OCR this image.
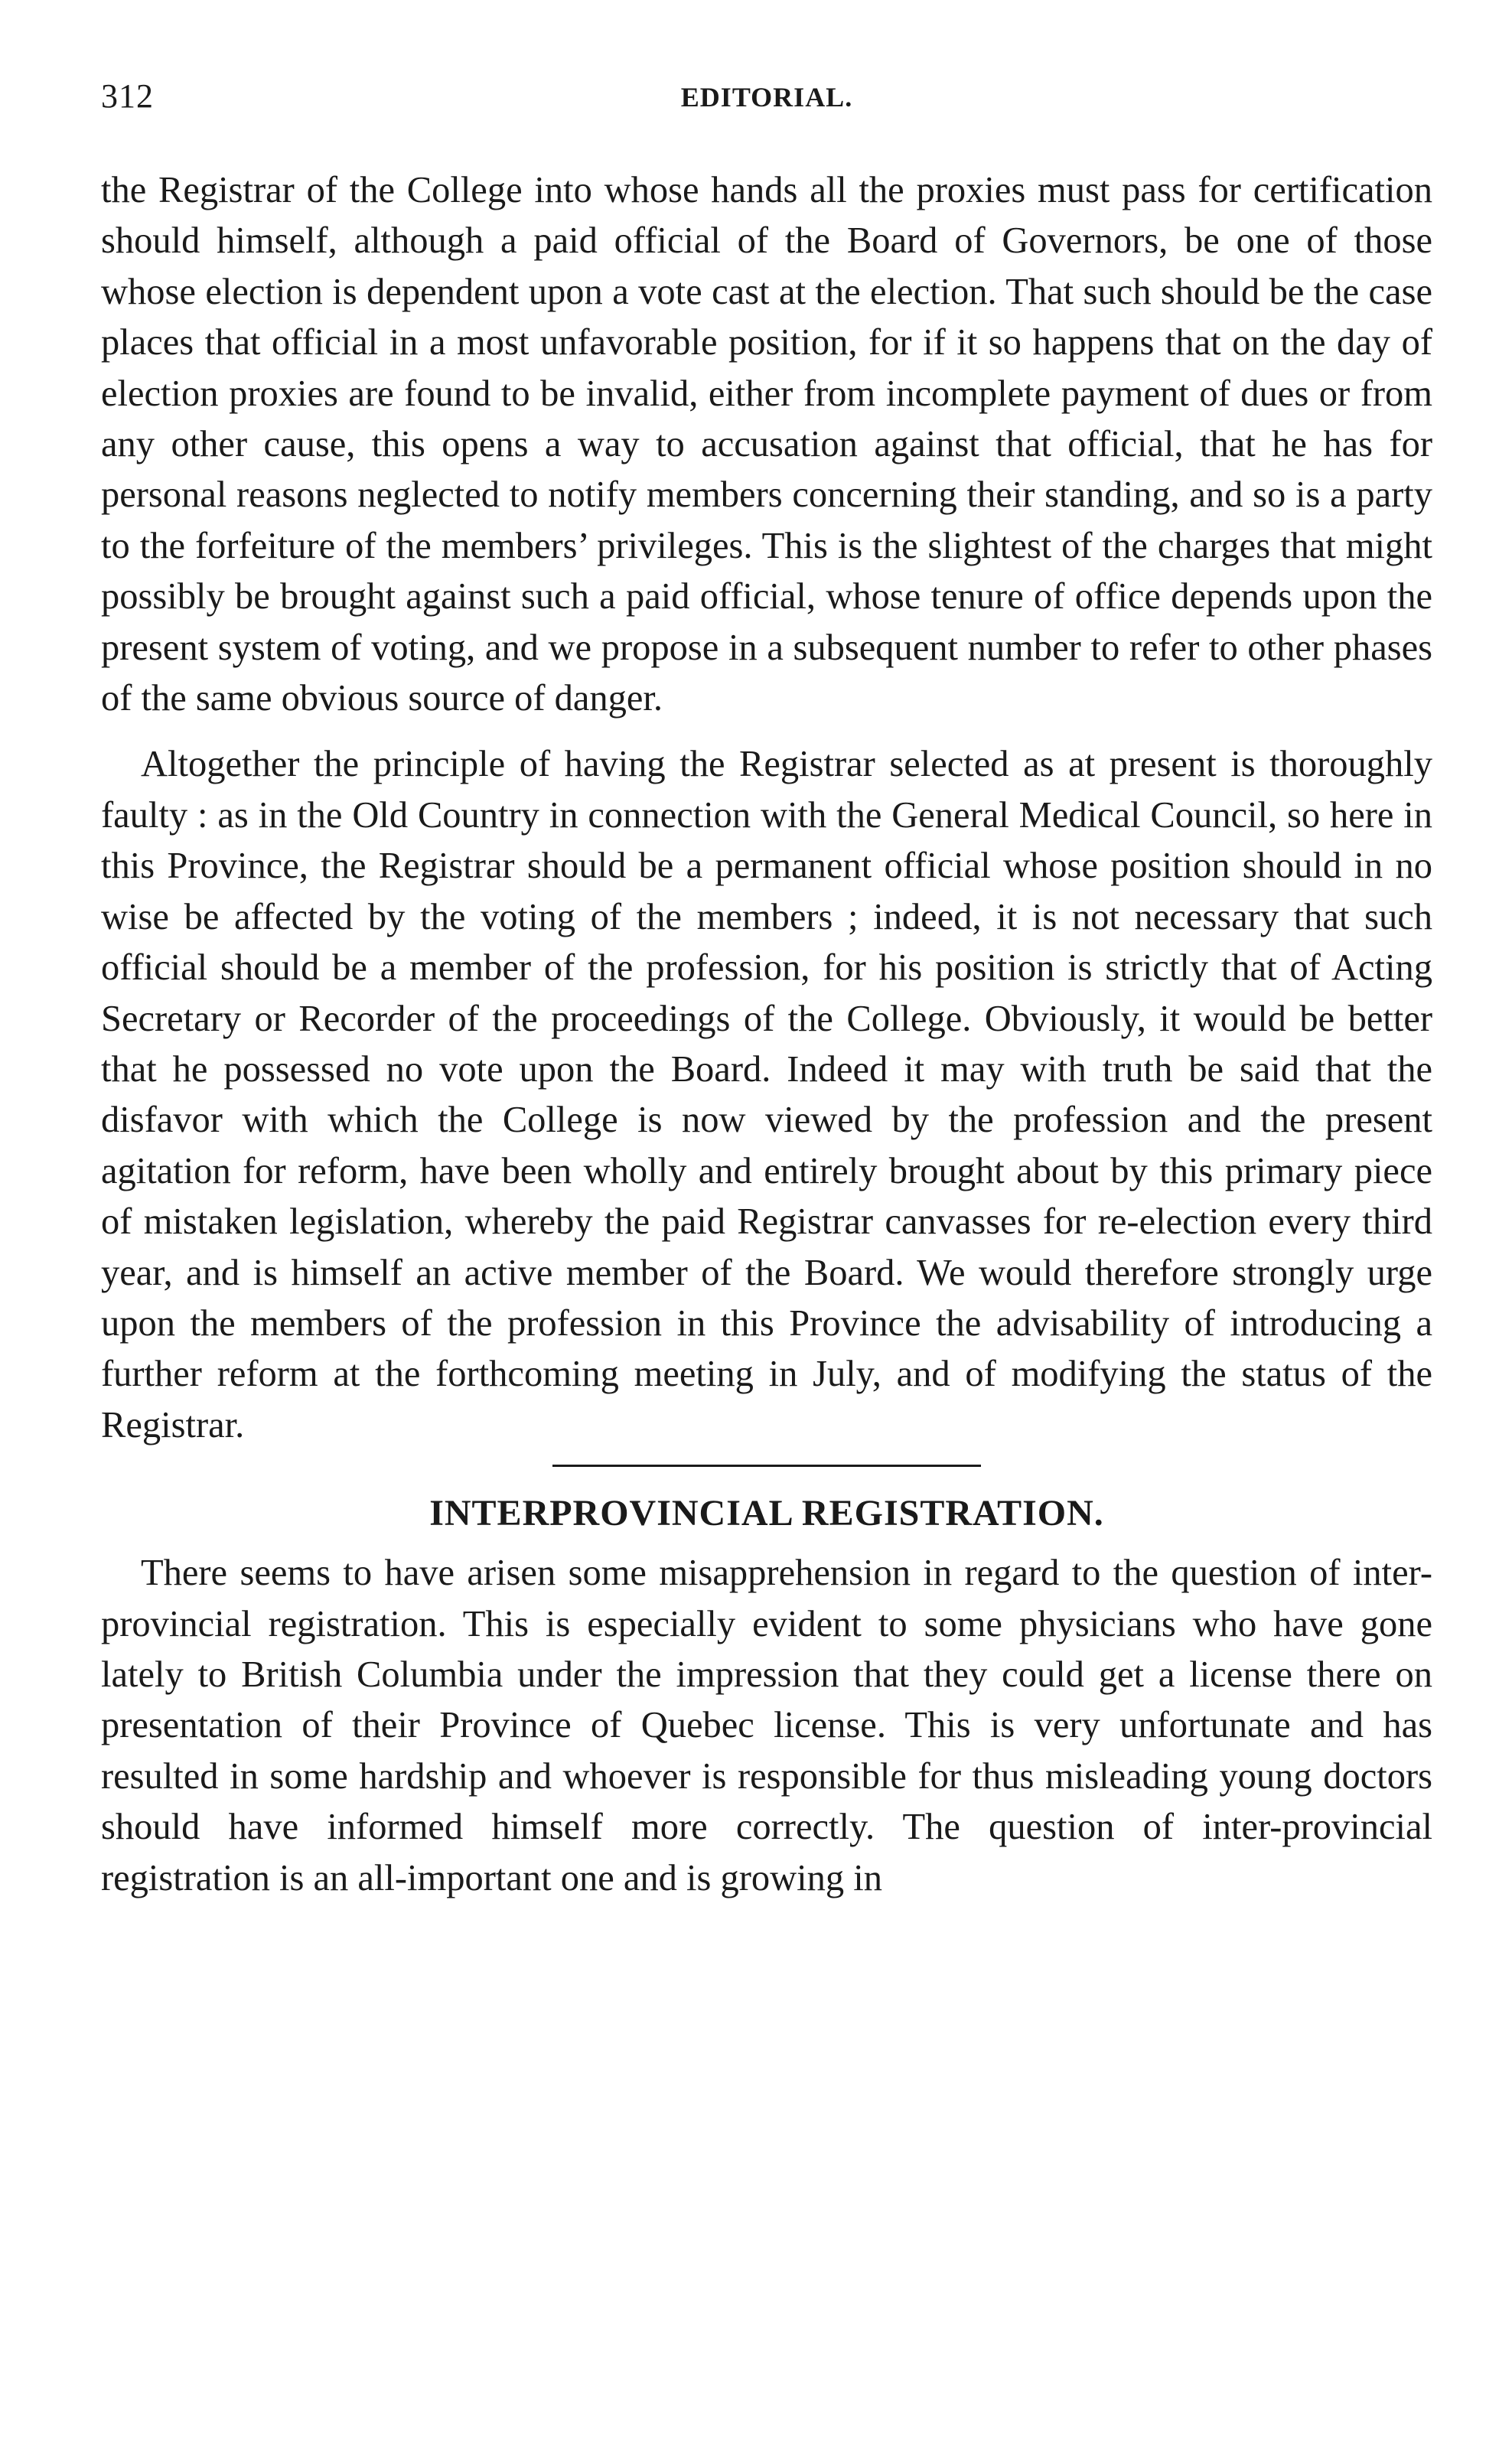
312	EDITORIAL.

the Registrar of the College into whose hands all the proxies must pass for certification should himself, although a paid official of the Board of Governors, be one of those whose election is dependent upon a vote cast at the election. That such should be the case places that official in a most unfavorable position, for if it so happens that on the day of election proxies are found to be invalid, either from incomplete payment of dues or from any other cause, this opens a way to accusation against that official, that he has for personal reasons neglected to notify members concerning their standing, and so is a party to the forfeiture of the members’ privileges. This is the slightest of the charges that might possibly be brought against such a paid official, whose tenure of office depends upon the present system of voting, and we propose in a subsequent number to refer to other phases of the same obvious source of danger.

Altogether the principle of having the Registrar selected as at present is thoroughly faulty : as in the Old Country in connection with the General Medical Council, so here in this Province, the Registrar should be a permanent official whose position should in no wise be affected by the voting of the members ; indeed, it is not necessary that such official should be a member of the profession, for his position is strictly that of Acting Secretary or Recorder of the proceedings of the College. Obviously, it would be better that he possessed no vote upon the Board. Indeed it may with truth be said that the disfavor with which the College is now viewed by the profession and the present agitation for reform, have been wholly and entirely brought about by this primary piece of mistaken legislation, whereby the paid Registrar canvasses for re-election every third year, and is himself an active member of the Board. We would therefore strongly urge upon the members of the profession in this Province the advisability of introducing a further reform at the forthcoming meeting in July, and of modifying the status of the Registrar.

INTERPROVINCIAL REGISTRATION.

There seems to have arisen some misapprehension in regard to the question of inter-provincial registration. This is especially evident to some physicians who have gone lately to British Columbia under the impression that they could get a license there on presentation of their Province of Quebec license. This is very unfortunate and has resulted in some hardship and whoever is responsible for thus misleading young doctors should have informed himself more correctly. The question of inter-provincial registration is an all-important one and is growing in
